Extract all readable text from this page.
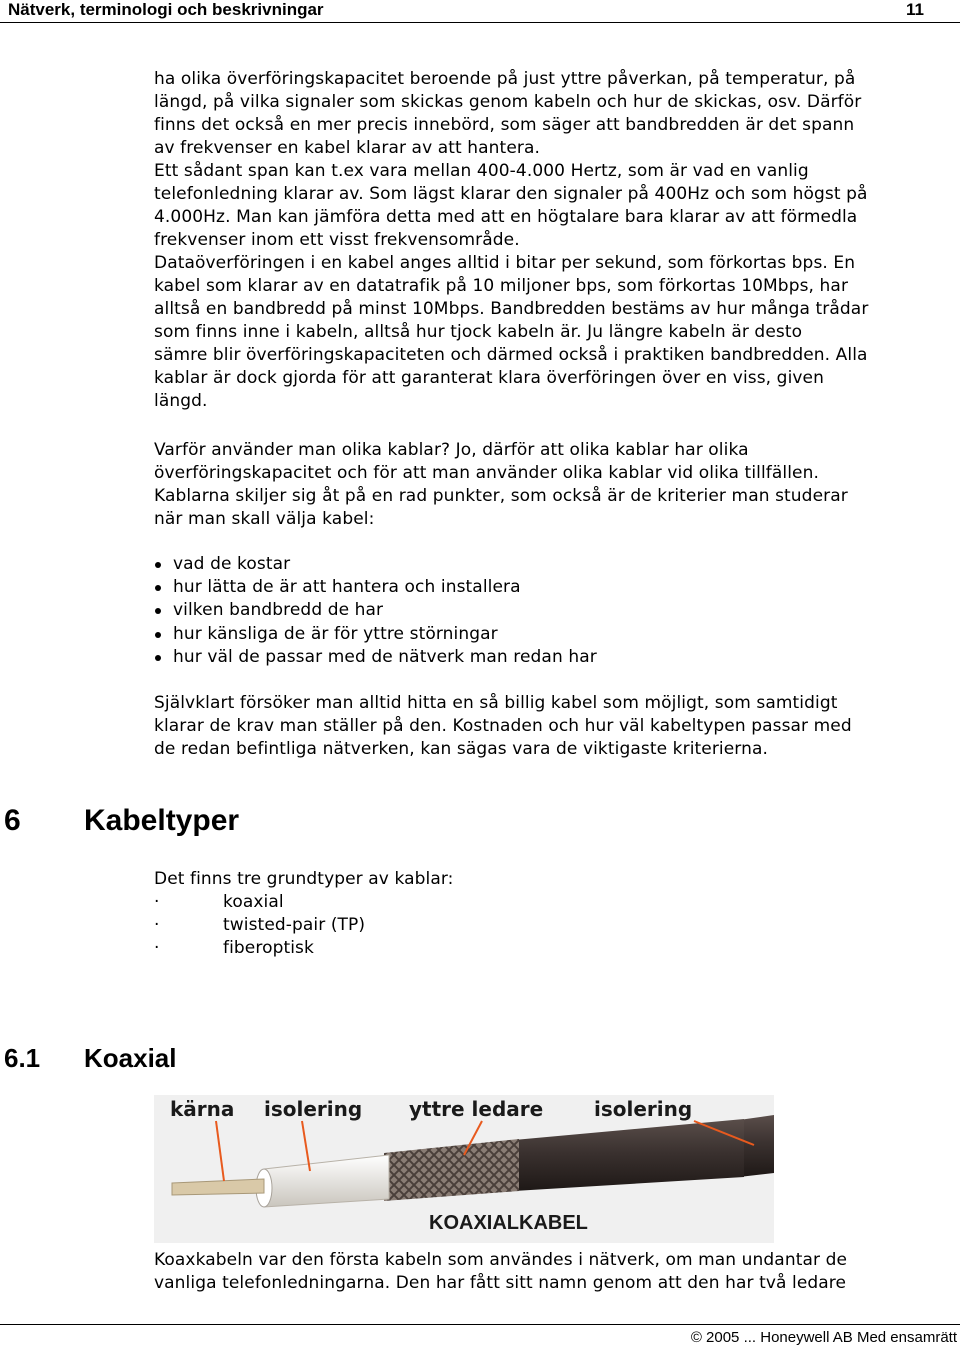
Nätverk, terminologi och beskrivningar	11

ha olika överföringskapacitet beroende på just yttre påverkan, på temperatur, på

längd, på vilka signaler som skickas genom kabeln och hur de skickas, osv. Därför

finns det också en mer precis innebörd, som säger att bandbredden är det spann

av frekvenser en kabel klarar av att hantera.

Ett sådant span kan t.ex vara mellan 400-4.000 Hertz, som är vad en vanlig

telefonledning klarar av. Som lägst klarar den signaler på 400Hz och som högst på

4.000Hz. Man kan jämföra detta med att en högtalare bara klarar av att förmedla

frekvenser inom ett visst frekvensområde.

Dataöverföringen i en kabel anges alltid i bitar per sekund, som förkortas bps. En

kabel som klarar av en datatrafik på 10 miljoner bps, som förkortas 10Mbps, har

alltså en bandbredd på minst 10Mbps. Bandbredden bestäms av hur många trådar

som finns inne i kabeln, alltså hur tjock kabeln är. Ju längre kabeln är desto

sämre blir överföringskapaciteten och därmed också i praktiken bandbredden. Alla

kablar är dock gjorda för att garanterat klara överföringen över en viss, given

längd.

Varför använder man olika kablar? Jo, därför att olika kablar har olika

överföringskapacitet och för att man använder olika kablar vid olika tillfällen.

Kablarna skiljer sig åt på en rad punkter, som också är de kriterier man studerar

när man skall välja kabel:

vad de kostar
hur lätta de är att hantera och installera
vilken bandbredd de har
hur känsliga de är för yttre störningar
hur väl de passar med de nätverk man redan har

Självklart försöker man alltid hitta en så billig kabel som möjligt, som samtidigt

klarar de krav man ställer på den. Kostnaden och hur väl kabeltypen passar med

de redan befintliga nätverken, kan sägas vara de viktigaste kriterierna.

6 Kabeltyper

Det finns tre grundtyper av kablar:

·	koaxial
·	twisted-pair (TP)
·	fiberoptisk
6.1 Koaxial
kärna isolering yttre ledare	isolering
KOAXIALKABEL

Koaxkabeln var den första kabeln som användes i nätverk, om man undantar de

vanliga telefonledningarna. Den har fått sitt namn genom att den har två ledare

© 2005 ... Honeywell AB Med ensamrätt
